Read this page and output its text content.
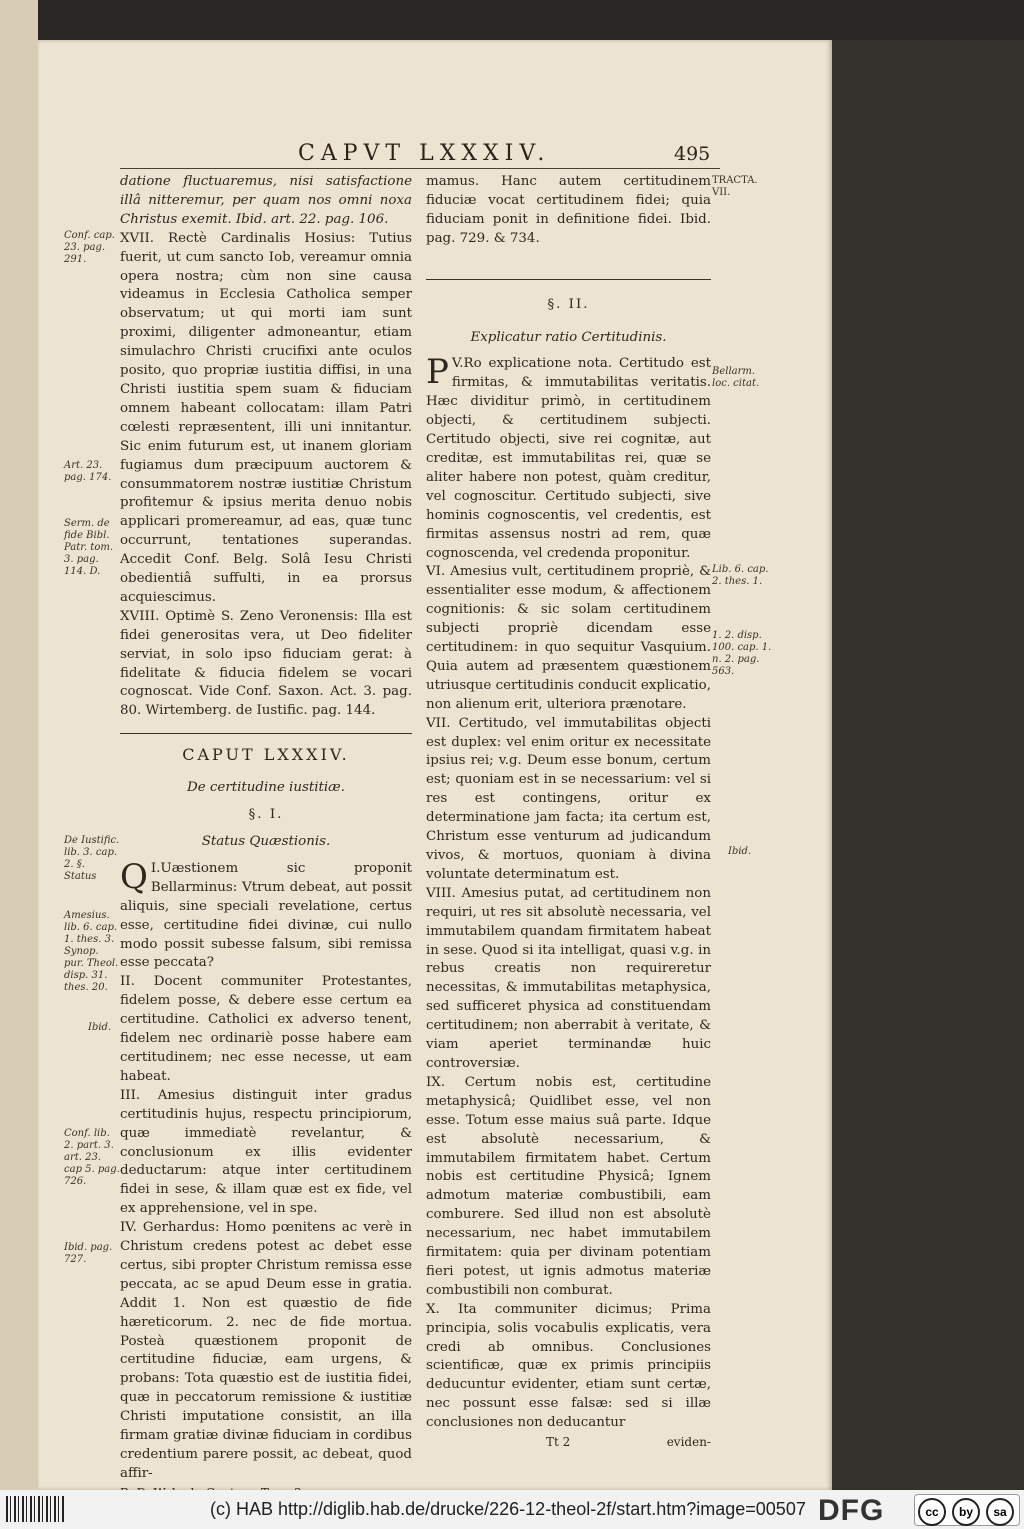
CAPVT LXXXIV.	495
Conf. cap. 23. pag. 291.
Art. 23. pag. 174.
Serm. de fide Bibl. Patr. tom. 3. pag. 114. D.
De Iustific. lib. 3. cap. 2. §. Status
Amesius. lib. 6. cap. 1. thes. 3. Synop. pur. Theol. disp. 31. thes. 20.
Ibid.
Conf. lib. 2. part. 3. art. 23. cap 5. pag. 726.
Ibid. pag. 727.
TRACTA. VII.
Bellarm. loc. citat.
Lib. 6. cap. 2. thes. 1.
1. 2. disp. 100. cap. 1. n. 2. pag. 563.
Ibid.

datione fluctuaremus, nisi satisfactione illâ nitteremur, per quam nos omni noxa Christus exemit. Ibid. art. 22. pag. 106.

XVII. Rectè Cardinalis Hosius: Tutius fuerit, ut cum sancto Iob, vereamur omnia opera nostra; cùm non sine causa videamus in Ecclesia Catholica semper observatum; ut qui morti iam sunt proximi, diligenter admoneantur, etiam simulachro Christi crucifixi ante oculos posito, quo propriæ iustitia diffisi, in una Christi iustitia spem suam & fiduciam omnem habeant collocatam: illam Patri cœlesti repræsentent, illi uni innitantur. Sic enim futurum est, ut inanem gloriam fugiamus dum præcipuum auctorem & consummatorem nostræ iustitiæ Christum profitemur & ipsius merita denuo nobis applicari promereamur, ad eas, quæ tunc occurrunt, tentationes superandas. Accedit Conf. Belg. Solâ Iesu Christi obedientiâ suffulti, in ea prorsus acquiescimus.

XVIII. Optimè S. Zeno Veronensis: Illa est fidei generositas vera, ut Deo fideliter serviat, in solo ipso fiduciam gerat: à fidelitate & fiducia fidelem se vocari cognoscat. Vide Conf. Saxon. Act. 3. pag. 80. Wirtemberg. de Iustific. pag. 144.

CAPUT LXXXIV.
De certitudine iustitiæ.
§. I.
Status Quæstionis.

I.
Q Uæstionem sic proponit Bellarminus: Vtrum debeat, aut possit aliquis, sine speciali revelatione, certus esse, certitudine fidei divinæ, cui nullo modo possit subesse falsum, sibi remissa esse peccata?

II. Docent communiter Protestantes, fidelem posse, & debere esse certum ea certitudine. Catholici ex adverso tenent, fidelem nec ordinariè posse habere eam certitudinem; nec esse necesse, ut eam habeat.

III. Amesius distinguit inter gradus certitudinis hujus, respectu principiorum, quæ immediatè revelantur, & conclusionum ex illis evidenter deductarum: atque inter certitudinem fidei in sese, & illam quæ est ex fide, vel ex apprehensione, vel in spe.

IV. Gerhardus: Homo pœnitens ac verè in Christum credens potest ac debet esse certus, sibi propter Christum remissa esse peccata, ac se apud Deum esse in gratia. Addit 1. Non est quæstio de fide hæreticorum. 2. nec de fide mortua. Posteà quæstionem proponit de certitudine fiduciæ, eam urgens, & probans: Tota quæstio est de iustitia fidei, quæ in peccatorum remissione & iustitiæ Christi imputatione consistit, an illa firmam gratiæ divinæ fiduciam in cordibus credentium parere possit, ac debeat, quod affir-

mamus. Hanc autem certitudinem fiduciæ vocat certitudinem fidei; quia fiduciam ponit in definitione fidei. Ibid. pag. 729. & 734.

§. II.
Explicatur ratio Certitudinis.

V.
P Ro explicatione nota. Certitudo est firmitas, & immutabilitas veritatis. Hæc dividitur primò, in certitudinem objecti, & certitudinem subjecti. Certitudo objecti, sive rei cognitæ, aut creditæ, est immutabilitas rei, quæ se aliter habere non potest, quàm creditur, vel cognoscitur. Certitudo subjecti, sive hominis cognoscentis, vel credentis, est firmitas assensus nostri ad rem, quæ cognoscenda, vel credenda proponitur.

VI. Amesius vult, certitudinem propriè, & essentialiter esse modum, & affectionem cognitionis: & sic solam certitudinem subjecti propriè dicendam esse certitudinem: in quo sequitur Vasquium. Quia autem ad præsentem quæstionem utriusque certitudinis conducit explicatio, non alienum erit, ulteriora prænotare.

VII. Certitudo, vel immutabilitas objecti est duplex: vel enim oritur ex necessitate ipsius rei; v.g. Deum esse bonum, certum est; quoniam est in se necessarium: vel si res est contingens, oritur ex determinatione jam facta; ita certum est, Christum esse venturum ad judicandum vivos, & mortuos, quoniam à divina voluntate determinatum est.

VIII. Amesius putat, ad certitudinem non requiri, ut res sit absolutè necessaria, vel immutabilem quandam firmitatem habeat in sese. Quod si ita intelligat, quasi v.g. in rebus creatis non requireretur necessitas, & immutabilitas metaphysica, sed sufficeret physica ad constituendam certitudinem; non aberrabit à veritate, & viam aperiet terminandæ huic controversiæ.

IX. Certum nobis est, certitudine metaphysicâ; Quidlibet esse, vel non esse. Totum esse maius suâ parte. Idque est absolutè necessarium, & immutabilem firmitatem habet. Certum nobis est certitudine Physicâ; Ignem admotum materiæ combustibili, eam comburere. Sed illud non est absolutè necessarium, nec habet immutabilem firmitatem: quia per divinam potentiam fieri potest, ut ignis admotus materiæ combustibili non comburat.

X. Ita communiter dicimus; Prima principia, solis vocabulis explicatis, vera credi ab omnibus. Conclusiones scientificæ, quæ ex primis principiis deducuntur evidenter, etiam sunt certæ, nec possunt esse falsæ: sed si illæ conclusiones non deducantur

Tt 2	eviden-
(c) HAB http://diglib.hab.de/drucke/226-12-theol-2f/start.htm?image=00507 DFG	cc	by	sa
